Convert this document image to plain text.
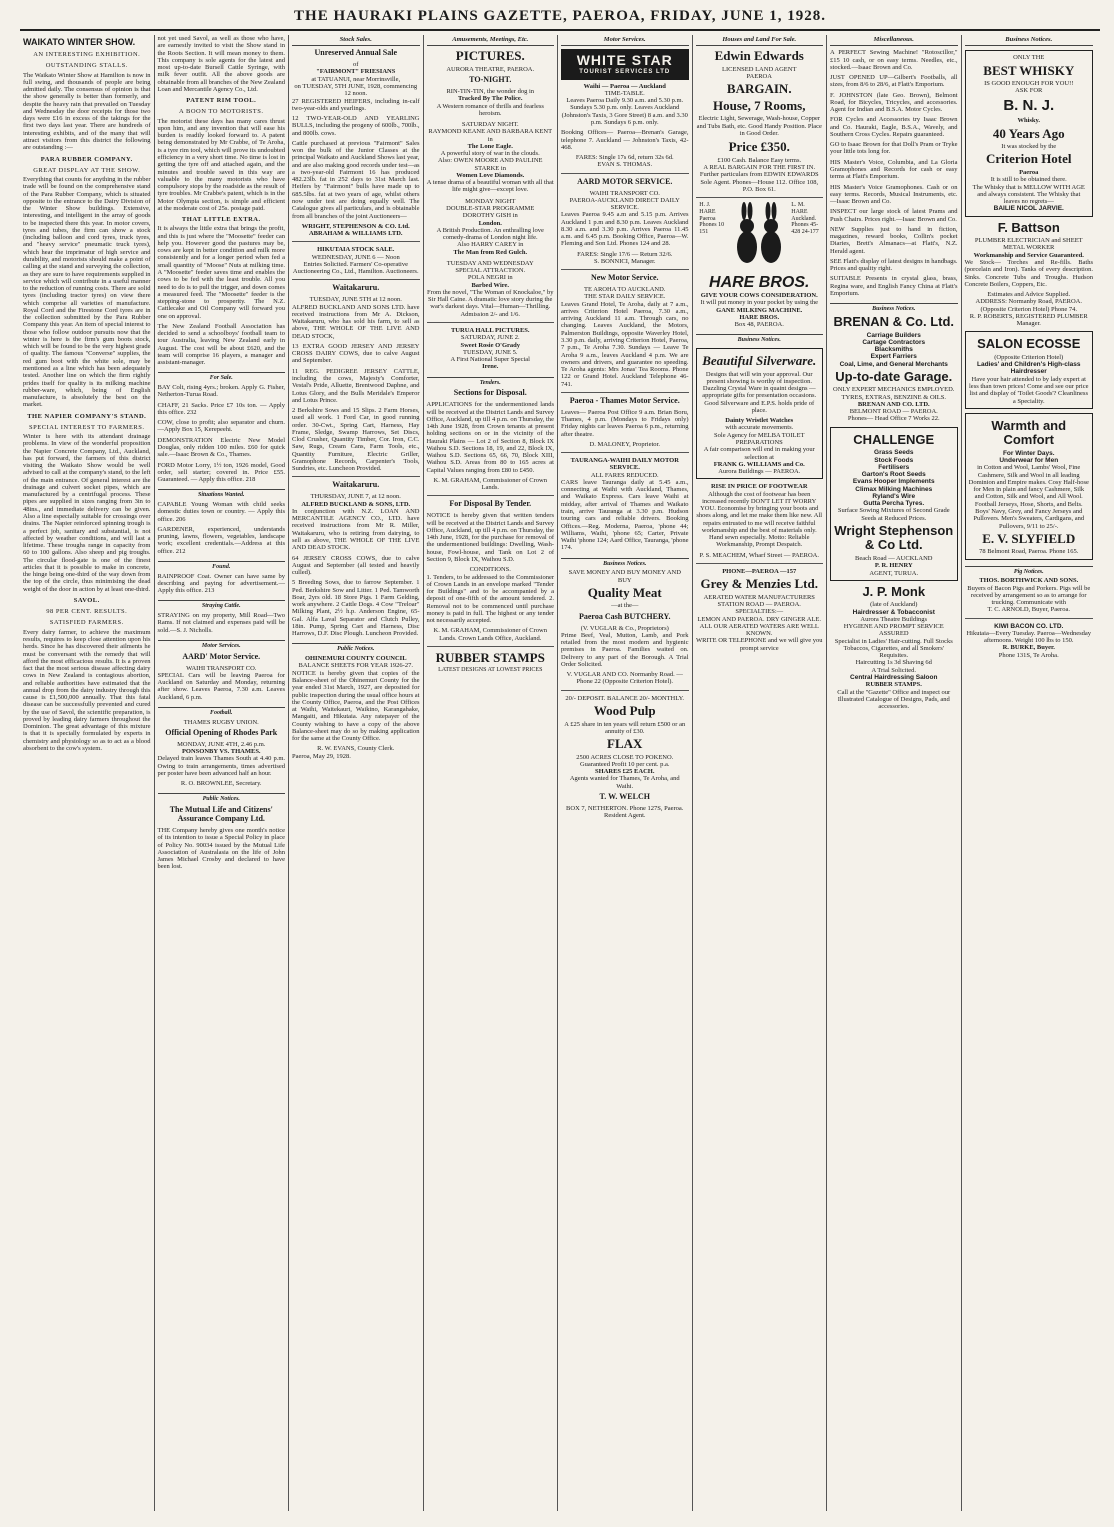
THE HAURAKI PLAINS GAZETTE, PAEROA, FRIDAY, JUNE 1, 1928.
WAIKATO WINTER SHOW.
AN INTERESTING EXHIBITION.
OUTSTANDING STALLS.

The Waikato Winter Show at Hamilton is now in full swing, and thousands of people are being admitted daily. The consensus of opinion is that the show generally is better than formerly, and despite the heavy rain that prevailed on Tuesday and Wednesday the door receipts for those two days were £16 in excess of the takings for the first two days last year. There are hundreds of interesting exhibits, and of the many that will attract visitors from this district the following are outstanding :—

PARA RUBBER COMPANY.
GREAT DISPLAY AT THE SHOW.

Everything that counts for anything in the rubber trade will be found on the comprehensive stand of the Para Rubber Company, which is situated opposite to the entrance to the Dairy Division of the Winter Show buildings. Extensive, interesting, and intelligent in the array of goods to be inspected there this year. In motor covers, tyres and tubes, the firm can show a stock (including balloon and cord tyres, truck tyres, and "heavy service" pneumatic truck tyres), which hear the imprimatur of high service and durability, and motorists should make a point of calling at the stand and surveying the collection, as they are sure to have requirements supplied in service which will contribute in a useful manner to the reduction of running costs. There are solid tyres (including tractor tyres) on view there which comprise all varieties of manufacture. Royal Cord and the Firestone Cord tyres are in the collection submitted by the Para Rubber Company this year. An item of special interest to those who follow outdoor pursuits now that the winter is here is the firm's gum boots stock, which will be found to be the very highest grade of quality. The famous "Converse" supplies, the red gum boot with the white sole, may be mentioned as a line which has been adequately tested. Another line on which the firm rightly prides itself for quality is its milking machine rubber-ware, which, being of English manufacture, is absolutely the best on the market.

THE NAPIER COMPANY'S STAND.
SPECIAL INTEREST TO FARMERS.

Winter is here with its attendant drainage problems. In view of the wonderful proposition the Napier Concrete Company, Ltd., Auckland, has put forward, the farmers of this district visiting the Waikato Show would be well advised to call at the company's stand, to the left of the main entrance. Of general interest are the drainage and culvert socket pipes, which are manufactured by a centrifugal process. These pipes are supplied in sizes ranging from 3in to 48ins., and immediate delivery can be given. Also a line especially suitable for crossings over drains. The Napier reinforced spinning trough is a perfect job, sanitary and substantial, is not affected by weather conditions, and will last a lifetime. These troughs range in capacity from 60 to 100 gallons. Also sheep and pig troughs. The circular flood-gate is one of the finest articles that it is possible to make in concrete, the hinge being one-third of the way down from the top of the circle, thus minimising the dead weight of the door in action by at least one-third.

SAVOL.
98 PER CENT. RESULTS.
SATISFIED FARMERS.

Every dairy farmer, to achieve the maximum results, requires to keep close attention upon his herds. Since he has discovered their ailments he must be conversant with the remedy that will afford the most efficacious results. It is a proven fact that the most serious disease affecting dairy cows in New Zealand is contagious abortion, and reliable authorities have estimated that the annual drop from the dairy industry through this cause is £1,500,000 annually. That this fatal disease can be successfully prevented and cured by the use of Savol, the scientific preparation, is proved by leading dairy farmers throughout the Dominion. The great advantage of this mixture is that it is specially formulated by experts in chemistry and physiology so as to act as a blood absorbent to the cow's system.

not yet used Savol, as well as those who have, are earnestly invited to visit the Show stand in the Roots Section. It will mean money to them. This company is sole agents for the latest and most up-to-date Bursell Cattle Syringe, with milk fever outfit. All the above goods are obtainable from all branches of the New Zealand Loan and Mercantile Agency Co., Ltd.

PATENT RIM TOOL.
A BOON TO MOTORISTS.

The motorist these days has many cares thrust upon him, and any invention that will ease his burden is readily looked forward to. A patent being demonstrated by Mr Crabbe, of Te Aroha, is a tyre rim tool, which will prove its undoubted efficiency in a very short time. No time is lost in getting the tyre off and attached again, and the minutes and trouble saved in this way are valuable to the many motorists who have compulsory stops by the roadside as the result of tyre troubles. Mr Crabbe's patent, which is in the Motor Olympia section, is simple and efficient at the moderate cost of 25s. postage paid.

THAT LITTLE EXTRA.

It is always the little extra that brings the profit, and this is just where the "Moosette" feeder can help you. However good the pastures may be, cows are kept in better condition and milk more consistently and for a longer period when fed a small quantity of "Moose" Nuts at milking time. A "Moosette" feeder saves time and enables the cows to be fed with the least trouble. All you need to do is to pull the trigger, and down comes a measured feed. The "Moosette" feeder is the stepping-stone to prosperity. The N.Z. Cattlecake and Oil Company will forward you one on approval.

The New Zealand Football Association has decided to send a schoolboys' football team to tour Australia, leaving New Zealand early in August. The cost will be about £620, and the team will comprise 16 players, a manager and assistant-manager.

For Sale.

BAY Colt, rising 4yrs.; broken. Apply G. Fisher, Netherton-Turua Road.

CHAFF, 21 Sacks. Price £7 10s ton. — Apply this office. 232

COW, close to profit; also separator and churn.—Apply Box 15, Kerepeehi.

DEMONSTRATION Electric New Model Douglas, only ridden 100 miles. £60 for quick sale.—Isaac Brown & Co., Thames.

FORD Motor Lorry, 1½ ton, 1926 model, Good order, sell starter; covered in. Price £55. Guaranteed. — Apply this office. 218

Situations Wanted.

CAPABLE Young Woman with child seeks domestic duties town or country. — Apply this office. 206

GARDENER, experienced, understands pruning, lawns, flowers, vegetables, landscape work; excellent credentials.—Address at this office. 212

Found.

RAINPROOF Coat. Owner can have same by describing and paying for advertisement.—Apply this office. 213

Straying Cattle.

STRAYING on my property, Mill Road—Two Rams. If not claimed and expenses paid will be sold.—S. J. Nicholls.

Motor Services.
AARD' Motor Service.
WAIHI TRANSPORT CO.

SPECIAL Cars will be leaving Paeroa for Auckland on Saturday and Monday, returning after show. Leaves Paeroa, 7.30 a.m. Leaves Auckland, 6 p.m.

Football.
THAMES RUGBY UNION.
Official Opening of Rhodes Park
MONDAY, JUNE 4TH, 2.46 p.m.
PONSONBY VS. THAMES.

Delayed train leaves Thames South at 4.40 p.m. Owing to train arrangements, times advertised per poster have been advanced half an hour.

R. O. BROWNLEE, Secretary.
Public Notices.
The Mutual Life and Citizens' Assurance Company Ltd.

THE Company hereby gives one month's notice of its intention to issue a Special Policy in place of Policy No. 90034 issued by the Mutual Life Association of Australasia on the life of John James Michael Crosby and declared to have been lost.

Stock Sales.
Unreserved Annual Sale
of
"FAIRMONT" FRIESIANS
at TATUANUI, near Morrinsville,
on TUESDAY, 5TH JUNE, 1928, commencing 12 noon.

27 REGISTERED HEIFERS, including in-calf two-year-olds and yearlings.

12 TWO-YEAR-OLD AND YEARLING BULLS, including the progeny of 600lb., 700lb., and 800lb. cows.

Cattle purchased at previous "Fairmont" Sales won the bulk of the Junior Classes at the principal Waikato and Auckland Shows last year, and are also making good records under test—as a two-year-old Fairmont 16 has produced 482.23lb. fat in 252 days to 31st March last. Heifers by "Fairmont" bulls have made up to 685.5lbs. fat at two years of age, whilst others now under test are doing equally well. The Catalogue gives all particulars, and is obtainable from all branches of the joint Auctioneers—

WRIGHT, STEPHENSON & CO. Ltd.
ABRAHAM & WILLIAMS LTD.
HIKUTAIA STOCK SALE.
WEDNESDAY, JUNE 6 — Noon

Entries Solicited. Farmers' Co-operative Auctioneering Co., Ltd., Hamilton. Auctioneers.

Waitakaruru.
TUESDAY, JUNE 5TH at 12 noon.

ALFRED BUCKLAND AND SONS LTD. have received instructions from Mr A. Dickson, Waitakaruru, who has sold his farm, to sell as above, THE WHOLE OF THE LIVE AND DEAD STOCK,

13 EXTRA GOOD JERSEY AND JERSEY CROSS DAIRY COWS, due to calve August and September.

11 REG. PEDIGREE JERSEY CATTLE, including the cows, Majesty's Comforter, Vestal's Pride, Alluette, Brentwood Daphne, and Lotus Glory, and the Bulls Meridale's Emperor and Lotus Prince.

2 Berkshire Sows and 15 Slips. 2 Farm Horses, used all work. 1 Ford Car, in good running order. 30-Cwt., Spring Cart, Harness, Hay Frame, Sledge, Swamp Harrows, Set Discs, Clod Crusher, Quantity Timber, Cor. Iron, C.C. Saw, Rugs, Cream Cans, Farm Tools, etc., Quantity Furniture, Electric Griller, Gramophone Records, Carpenter's Tools, Sundries, etc. Luncheon Provided.

Waitakaruru.
THURSDAY, JUNE 7, at 12 noon.
ALFRED BUCKLAND & SONS, LTD.

In conjunction with N.Z. LOAN AND MERCANTILE AGENCY CO., LTD. have received instructions from Mr R. Miller, Waitakaruru, who is retiring from dairying, to sell as above, THE WHOLE OF THE LIVE AND DEAD STOCK.

64 JERSEY CROSS COWS, due to calve August and September (all tested and heavily culled).

5 Breeding Sows, due to farrow September. 1 Ped. Berkshire Sow and Litter. 1 Ped. Tamworth Boar, 2yrs old. 18 Store Pigs. 1 Farm Gelding, work anywhere. 2 Cattle Dogs. 4 Cow "Treloar" Milking Plant, 2½ h.p. Anderson Engine, 65-Gal. Alfa Laval Separator and Clutch Pulley, 18in. Pump, Spring Cart and Harness, Disc Harrows, D.F. Disc Plough. Luncheon Provided.

Public Notices.
OHINEMURI COUNTY COUNCIL
BALANCE SHEETS FOR YEAR 1926-27.

NOTICE is hereby given that copies of the Balance-sheet of the Ohinemuri County for the year ended 31st March, 1927, are deposited for public inspection during the usual office hours at the County Office, Paeroa, and the Post Offices at Waihi, Waitekauri, Waikino, Karangahake, Mangaiti, and Hikutaia. Any ratepayer of the County wishing to have a copy of the above Balance-sheet may do so by making application for the same at the County Office.

R. W. EVANS, County Clerk.
Paeroa, May 29, 1928.
Amusements, Meetings, Etc.
PICTURES.
AURORA THEATRE, PAEROA.
TO-NIGHT.
RIN-TIN-TIN, the wonder dog in
Tracked By The Police.
A Western romance of thrills and fearless heroism.
SATURDAY NIGHT.
RAYMOND KEANE AND BARBARA KENT in
The Lone Eagle.
A powerful story of war in the clouds.
Also: OWEN MOORE AND PAULINE STARKE in
Women Love Diamonds.
A tense drama of a beautiful woman with all that life might give—except love.
MONDAY NIGHT
DOUBLE-STAR PROGRAMME
DOROTHY GISH in
London.
A British Production. An enthralling love comedy-drama of London night life.
Also HARRY CAREY in
The Man from Red Gulch.
TUESDAY AND WEDNESDAY
SPECIAL ATTRACTION.
POLA NEGRI in
Barbed Wire.
From the novel, "The Woman of Knockaloe," by Sir Hall Caine. A dramatic love story during the war's darkest days. Vital—Human—Thrilling.
Admission 2/- and 1/6.
TURUA HALL PICTURES.
SATURDAY, JUNE 2.
Sweet Rosie O'Grady
TUESDAY, JUNE 5.
A First National Super Special
Irene.
Tenders.
Sections for Disposal.

APPLICATIONS for the undermentioned lands will be received at the District Lands and Survey Office, Auckland, up till 4 p.m. on Thursday, the 14th June 1928, from Crown tenants at present holding sections on or in the vicinity of the Hauraki Plains — Lot 2 of Section 8, Block IX Waihou S.D. Sections 18, 19, and 22, Block IX, Waihou S.D. Sections 65, 66, 70, Block XIII, Waihou S.D. Areas from 80 to 165 acres at Capital Values ranging from £80 to £450.

K. M. GRAHAM, Commissioner of Crown Lands.
For Disposal By Tender.

NOTICE is hereby given that written tenders will be received at the District Lands and Survey Office, Auckland, up till 4 p.m. on Thursday, the 14th June, 1928, for the purchase for removal of the undermentioned buildings: Dwelling, Wash-house, Fowl-house, and Tank on Lot 2 of Section 9, Block IX, Waihou S.D.

CONDITIONS.

1. Tenders, to be addressed to the Commissioner of Crown Lands in an envelope marked "Tender for Buildings" and to be accompanied by a deposit of one-fifth of the amount tendered. 2. Removal not to be commenced until purchase money is paid in full. The highest or any tender not necessarily accepted.

K. M. GRAHAM, Commissioner of Crown Lands. Crown Lands Office, Auckland.
RUBBER STAMPS
LATEST DESIGNS AT LOWEST PRICES
Motor Services.
WHITE STAR
TOURIST SERVICES LTD
Waihi — Paeroa — Auckland
TIME-TABLE.

Leaves Paeroa Daily 9.30 a.m. and 5.30 p.m. Sundays 5.30 p.m. only. Leaves Auckland (Johnston's Taxis, 3 Gore Street) 8 a.m. and 3.30 p.m. Sundays 6 p.m. only.

Booking Offices— Paeroa—Brenan's Garage, telephone 7. Auckland — Johnston's Taxis, 42-468.

FARES: Single 17s 6d, return 32s 6d.
EVAN S. THOMAS.
AARD MOTOR SERVICE.
WAIHI TRANSPORT CO.
PAEROA-AUCKLAND DIRECT DAILY SERVICE.

Leaves Paeroa 9.45 a.m and 5.15 p.m. Arrives Auckland 1 p.m and 8.30 p.m. Leaves Auckland 8.30 a.m. and 3.30 p.m. Arrives Paeroa 11.45 a.m. and 6.45 p.m. Booking Office, Paeroa—W. Fleming and Son Ltd. Phones 124 and 28.

FARES: Single 17/6 — Return 32/6.
S. BONNICI, Manager.
New Motor Service.
TE AROHA TO AUCKLAND.
THE STAR DAILY SERVICE.

Leaves Grand Hotel, Te Aroha, daily at 7 a.m., arrives Criterion Hotel Paeroa, 7.30 a.m., arriving Auckland 11 a.m. Through cars, no changing. Leaves Auckland, the Motors, Palmerston Buildings, opposite Waverley Hotel, 3.30 p.m. daily, arriving Criterion Hotel, Paeroa, 7 p.m., Te Aroha 7.30. Sundays — Leave Te Aroha 9 a.m., leaves Auckland 4 p.m. We are owners and drivers, and guarantee no speeding. Te Aroha agents: Mrs Jonas' Tea Rooms. Phone 122 or Grand Hotel. Auckland Telephone 46-741.

Paeroa - Thames Motor Service.

Leaves— Paeroa Post Office 9 a.m. Brian Boru, Thames, 4 p.m. (Mondays to Fridays only) Friday nights car leaves Paeroa 6 p.m., returning after theatre.

D. MALONEY, Proprietor.
TAURANGA-WAIHI DAILY MOTOR SERVICE.
ALL FARES REDUCED.

CARS leave Tauranga daily at 5.45 a.m., connecting at Waihi with Auckland, Thames, and Waikato Express. Cars leave Waihi at midday, after arrival of Thames and Waikato train, arrive Tauranga at 3.30 p.m. Hudson touring cars and reliable drivers. Booking Offices.—Reg. Moderna, Paeroa, 'phone 44; Williams, Waihi, 'phone 65; Carter, Private Waihi 'phone 124; Aard Office, Tauranga, 'phone 174.

Business Notices.
SAVE MONEY AND BUY MONEY AND BUY
Quality Meat
—at the—
Paeroa Cash BUTCHERY.
(V. VUGLAR & Co., Proprietors)

Prime Beef, Veal, Mutton, Lamb, and Pork retailed from the most modern and hygienic premises in Paeroa. Families waited on. Delivery to any part of the Borough. A Trial Order Solicited.

V. VUGLAR AND CO. Normanby Road. — Phone 22 (Opposite Criterion Hotel).
20/- DEPOSIT. BALANCE 20/- MONTHLY.
Wood Pulp
A £25 share in ten years will return £500 or an annuity of £30.
FLAX
2500 ACRES CLOSE TO POKENO. Guaranteed Profit 10 per cent. p.a.
SHARES £25 EACH.
Agents wanted for Thames, Te Aroha, and Waihi.
T. W. WELCH
BOX 7, NETHERTON. Phone 127S, Paeroa. Resident Agent.
Houses and Land For Sale.
Edwin Edwards
LICENSED LAND AGENT
PAEROA
BARGAIN.
House, 7 Rooms,

Electric Light, Sewerage, Wash-house, Copper and Tubs Bath, etc. Good Handy Position. Place in Good Order.

Price £350.
£100 Cash. Balance Easy terms.
A REAL BARGAIN FOR THE FIRST IN.

Further particulars from EDWIN EDWARDS Sole Agent. Phones—House 112. Office 108, P.O. Box 61.

H. J. HARE Paeroa Phones 10 151
L. M. HARE Auckland. Phones 45-428 24-177
HARE BROS.
GIVE YOUR COWS CONSIDERATION.
It will put money in your pocket by using the
GANE MILKING MACHINE.
HARE BROS.
Box 48, PAEROA.
Business Notices.
Beautiful Silverware.

Designs that will win your approval. Our present showing is worthy of inspection. Dazzling Crystal Ware in quaint designs — appropriate gifts for presentation occasions. Good Silverware and E.P.S. holds pride of place.

Dainty Wristlet Watches
with accurate movements.
Sole Agency for MELBA TOILET PREPARATIONS
A fair comparison will end in making your selection at
FRANK G. WILLIAMS and Co.
Aurora Buildings — PAEROA.
RISE IN PRICE OF FOOTWEAR

Although the cost of footwear has been increased recently DON'T LET IT WORRY YOU. Economise by bringing your boots and shoes along, and let me make them like new. All repairs entrusted to me will receive faithful workmanship and the best of materials only. Hand sewn especially. Motto: Reliable Workmanship, Prompt Despatch.

P. S. MEACHEM, Wharf Street — PAEROA.
PHONE—PAEROA —157
Grey & Menzies Ltd.
AERATED WATER MANUFACTURERS
STATION ROAD — PAEROA.
SPECIALTIES:—
LEMON AND PAEROA. DRY GINGER ALE.
ALL OUR AERATED WATERS ARE WELL KNOWN.
WRITE OR TELEPHONE and we will give you prompt service
Miscellaneous.

A PERFECT Sewing Machine! "Rotoscillor," £15 10 cash, or on easy terms. Needles, etc., stocked.—Isaac Brown and Co.

JUST OPENED UP—Gilbert's Footballs, all sizes, from 8/6 to 28/6, at Flatt's Emporium.

F. JOHNSTON (late Geo. Brown), Belmont Road, for Bicycles, Tricycles, and accessories. Agent for Indian and B.S.A. Motor Cycles.

FOR Cycles and Accessories try Isaac Brown and Co. Hauraki, Eagle, B.S.A., Wavely, and Southern Cross Cycles. Repairs guaranteed.

GO to Isaac Brown for that Doll's Pram or Tryke your little tots long for.

HIS Master's Voice, Columbia, and La Gloria Gramophones and Records for cash or easy terms at Flatt's Emporium.

HIS Master's Voice Gramophones. Cash or on easy terms. Records, Musical Instruments, etc.—Isaac Brown and Co.

INSPECT our large stock of latest Prams and Push Chairs. Prices right.—Isaac Brown and Co.

NEW Supplies just to hand in fiction, magazines, reward books, Collin's pocket Diaries, Brett's Almanacs—at Flatt's, N.Z. Herald agent.

SEE Flatt's display of latest designs in handbags. Prices and quality right.

SUITABLE Presents in crystal glass, brass, Regina ware, and English Fancy China at Flatt's Emporium.

Business Notices.
BRENAN & Co. Ltd.
Carriage Builders
Cartage Contractors
Blacksmiths
Expert Farriers
Coal, Lime, and General Merchants
Up-to-date Garage.
ONLY EXPERT MECHANICS EMPLOYED.
TYRES, EXTRAS, BENZINE & OILS.
BRENAN AND CO. LTD.
BELMONT ROAD — PAEROA.
Phones— Head Office 7 Works 22.
CHALLENGE
Grass Seeds
Stock Foods
Fertilisers
Garton's Root Seeds
Evans Hooper Implements
Climax Milking Machines
Ryland's Wire
Gutta Percha Tyres.
Surface Sowing Mixtures of Second Grade Seeds at Reduced Prices.
Wright Stephenson & Co Ltd.
Beach Road — AUCKLAND
P. R. HENRY
AGENT, TURUA.
J. P. Monk
(late of Auckland)
Hairdresser & Tobacconist
Aurora Theatre Buildings
HYGIENE AND PROMPT SERVICE ASSURED
Specialist in Ladies' Hair-cutting. Full Stocks Tobaccos, Cigarettes, and all Smokers' Requisites.
Haircutting 1s 3d Shaving 6d
A Trial Solicited.
Central Hairdressing Saloon
RUBBER STAMPS.
Call at the "Gazette" Office and inspect our Illustrated Catalogue of Designs, Pads, and accessories.
Business Notices.
ONLY THE
BEST WHISKY
IS GOOD ENOUGH FOR YOU!!
ASK FOR
B. N. J.
Whisky.
40 Years Ago
It was stocked by the
Criterion Hotel
Paeroa
It is still to be obtained there.
The Whisky that is MELLOW WITH AGE and always consistent. The Whisky that leaves no regrets—
BAILIE NICOL JARVIE.
F. Battson
PLUMBER ELECTRICIAN and SHEET METAL WORKER
Workmanship and Service Guaranteed.

We Stock— Torches and Re-fills. Baths (porcelain and Iron). Tanks of every description. Sinks. Concrete Tubs and Troughs. Hudson Concrete Boilers, Coppers, Etc.

Estimates and Advice Supplied.
ADDRESS: Normanby Road, PAEROA. (Opposite Criterion Hotel) Phone 74.
R. P. ROBERTS, REGISTERED PLUMBER Manager.
SALON ECOSSE
(Opposite Criterion Hotel)
Ladies' and Children's High-class Hairdresser
Have your hair attended to by lady expert at less than town prices! Come and see our price list and display of 'Toilet Goods'? Cleanliness a Speciality.
Warmth and Comfort
For Winter Days.
Underwear for Men
in Cotton and Wool, Lambs' Wool, Fine Cashmere, Silk and Wool in all leading Dominion and Empire makes. Cosy Half-hose for Men in plain and fancy Cashmere, Silk and Cotton, Silk and Wool, and All Wool. Football Jerseys, Hose, Shorts, and Belts. Boys' Navy, Grey, and Fancy Jerseys and Pullovers. Men's Sweaters, Cardigans, and Pullovers, 9/11 to 25/-.
E. V. SLYFIELD
78 Belmont Road, Paeroa. Phone 165.
Pig Notices.
THOS. BORTHWICK AND SONS.
Buyers of Bacon Pigs and Porkers. Pigs will be received by arrangement so as to arrange for trucking. Communicate with
T. C. ARNOLD, Buyer, Paeroa.
KIWI BACON CO. LTD.
Hikutaia—Every Tuesday. Paeroa—Wednesday afternoons. Weight 100 lbs to 150.
R. BURKE, Buyer.
Phone 131S, Te Aroha.
